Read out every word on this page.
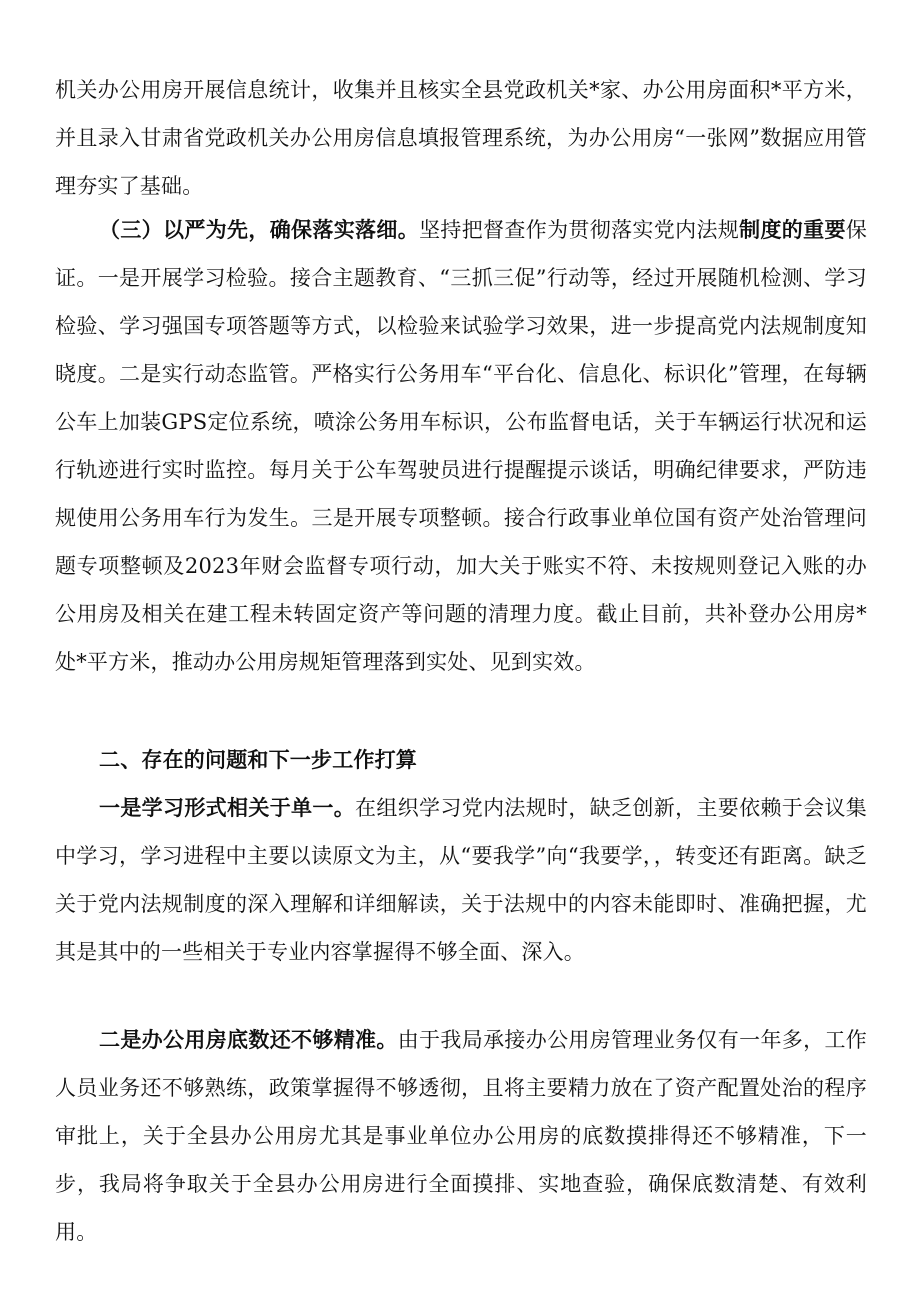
机关办公用房开展信息统计，收集并且核实全县党政机关*家、办公用房面积*平方米，并且录入甘肃省党政机关办公用房信息填报管理系统，为办公用房“一张网”数据应用管理夯实了基础。

（三）以严为先，确保落实落细。坚持把督查作为贯彻落实党内法规制度的重要保证。一是开展学习检验。接合主题教育、“三抓三促”行动等，经过开展随机检测、学习检验、学习强国专项答题等方式，以检验来试验学习效果，进一步提高党内法规制度知晓度。二是实行动态监管。严格实行公务用车“平台化、信息化、标识化”管理，在每辆公车上加装GPS定位系统，喷涂公务用车标识，公布监督电话，关于车辆运行状况和运行轨迹进行实时监控。每月关于公车驾驶员进行提醒提示谈话，明确纪律要求，严防违规使用公务用车行为发生。三是开展专项整顿。接合行政事业单位国有资产处治管理问题专项整顿及2023年财会监督专项行动，加大关于账实不符、未按规则登记入账的办公用房及相关在建工程未转固定资产等问题的清理力度。截止目前，共补登办公用房*处*平方米，推动办公用房规矩管理落到实处、见到实效。

二、存在的问题和下一步工作打算

一是学习形式相关于单一。在组织学习党内法规时，缺乏创新，主要依赖于会议集中学习，学习进程中主要以读原文为主，从“要我学”向“我要学，，转变还有距离。缺乏关于党内法规制度的深入理解和详细解读，关于法规中的内容未能即时、准确把握，尤其是其中的一些相关于专业内容掌握得不够全面、深入。

二是办公用房底数还不够精准。由于我局承接办公用房管理业务仅有一年多，工作人员业务还不够熟练，政策掌握得不够透彻，且将主要精力放在了资产配置处治的程序审批上，关于全县办公用房尤其是事业单位办公用房的底数摸排得还不够精准，下一步，我局将争取关于全县办公用房进行全面摸排、实地查验，确保底数清楚、有效利用。
